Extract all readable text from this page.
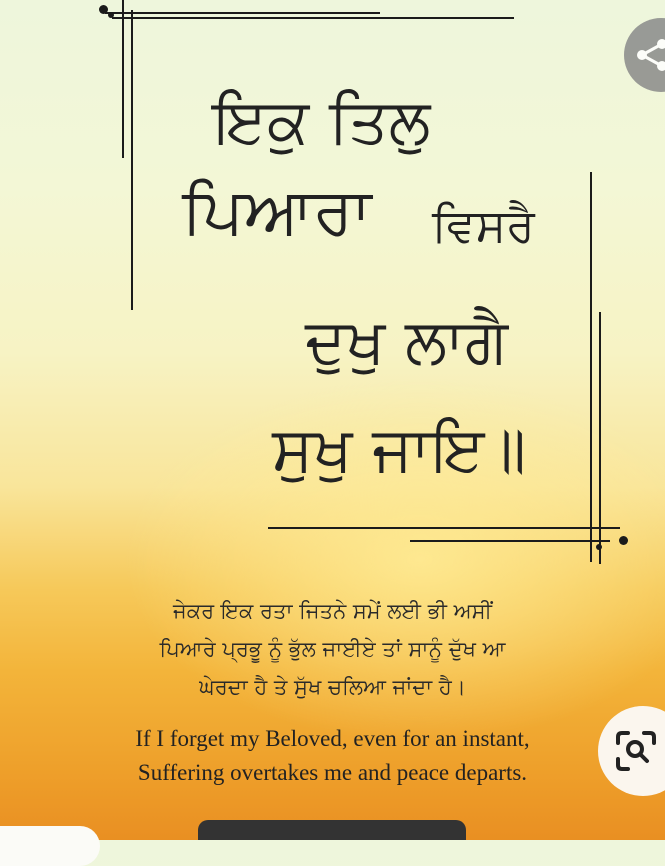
ਇਕੁ ਤਿਲੁ
ਪਿਆਰਾ ਵਿਸਰੈ
ਦੁਖੁ ਲਾਗੈ
ਸੁਖੁ ਜਾਇ॥
ਜੇਕਰ ਇਕ ਰਤਾ ਜਿਤਨੇ ਸਮੇਂ ਲਈ ਭੀ ਅਸੀਂ
ਪਿਆਰੇ ਪ੍ਰਭੂ ਨੂੰ ਭੁੱਲ ਜਾਈਏ ਤਾਂ ਸਾਨੂੰ ਦੁੱਖ ਆ
ਘੇਰਦਾ ਹੈ ਤੇ ਸੁੱਖ ਚਲਿਆ ਜਾਂਦਾ ਹੈ।
If I forget my Beloved, even for an instant,
Suffering overtakes me and peace departs.
